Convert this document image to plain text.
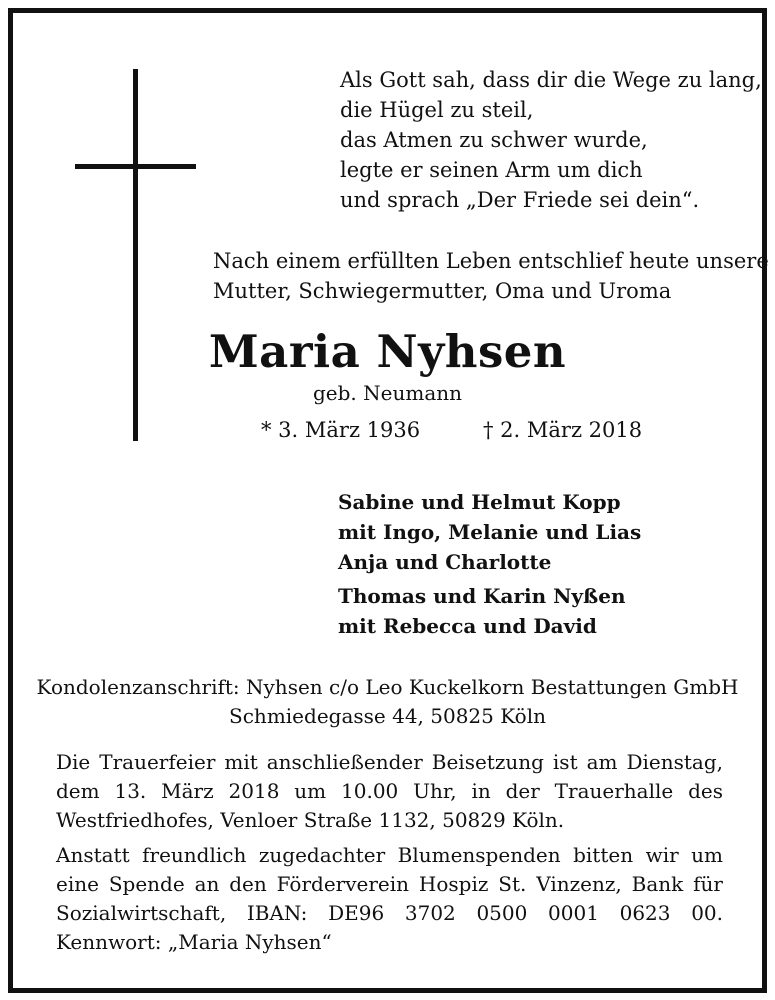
Als Gott sah, dass dir die Wege zu lang,
die Hügel zu steil,
das Atmen zu schwer wurde,
legte er seinen Arm um dich
und sprach „Der Friede sei dein“.
Nach einem erfüllten Leben entschlief heute unsere
Mutter, Schwiegermutter, Oma und Uroma
Maria Nyhsen
geb. Neumann
* 3. März 1936	† 2. März 2018
Sabine und Helmut Kopp
mit Ingo, Melanie und Lias
Anja und Charlotte
Thomas und Karin Nyßen
mit Rebecca und David
Kondolenzanschrift: Nyhsen c/o Leo Kuckelkorn Bestattungen GmbH
Schmiedegasse 44, 50825 Köln
Die Trauerfeier mit anschließender Beisetzung ist am Dienstag, dem 13. März 2018 um 10.00 Uhr, in der Trauerhalle des Westfriedhofes, Venloer Straße 1132, 50829 Köln.
Anstatt freundlich zugedachter Blumenspenden bitten wir um eine Spende an den Förderverein Hospiz St. Vinzenz, Bank für Sozialwirtschaft, IBAN: DE96 3702 0500 0001 0623 00. Kennwort: „Maria Nyhsen“
